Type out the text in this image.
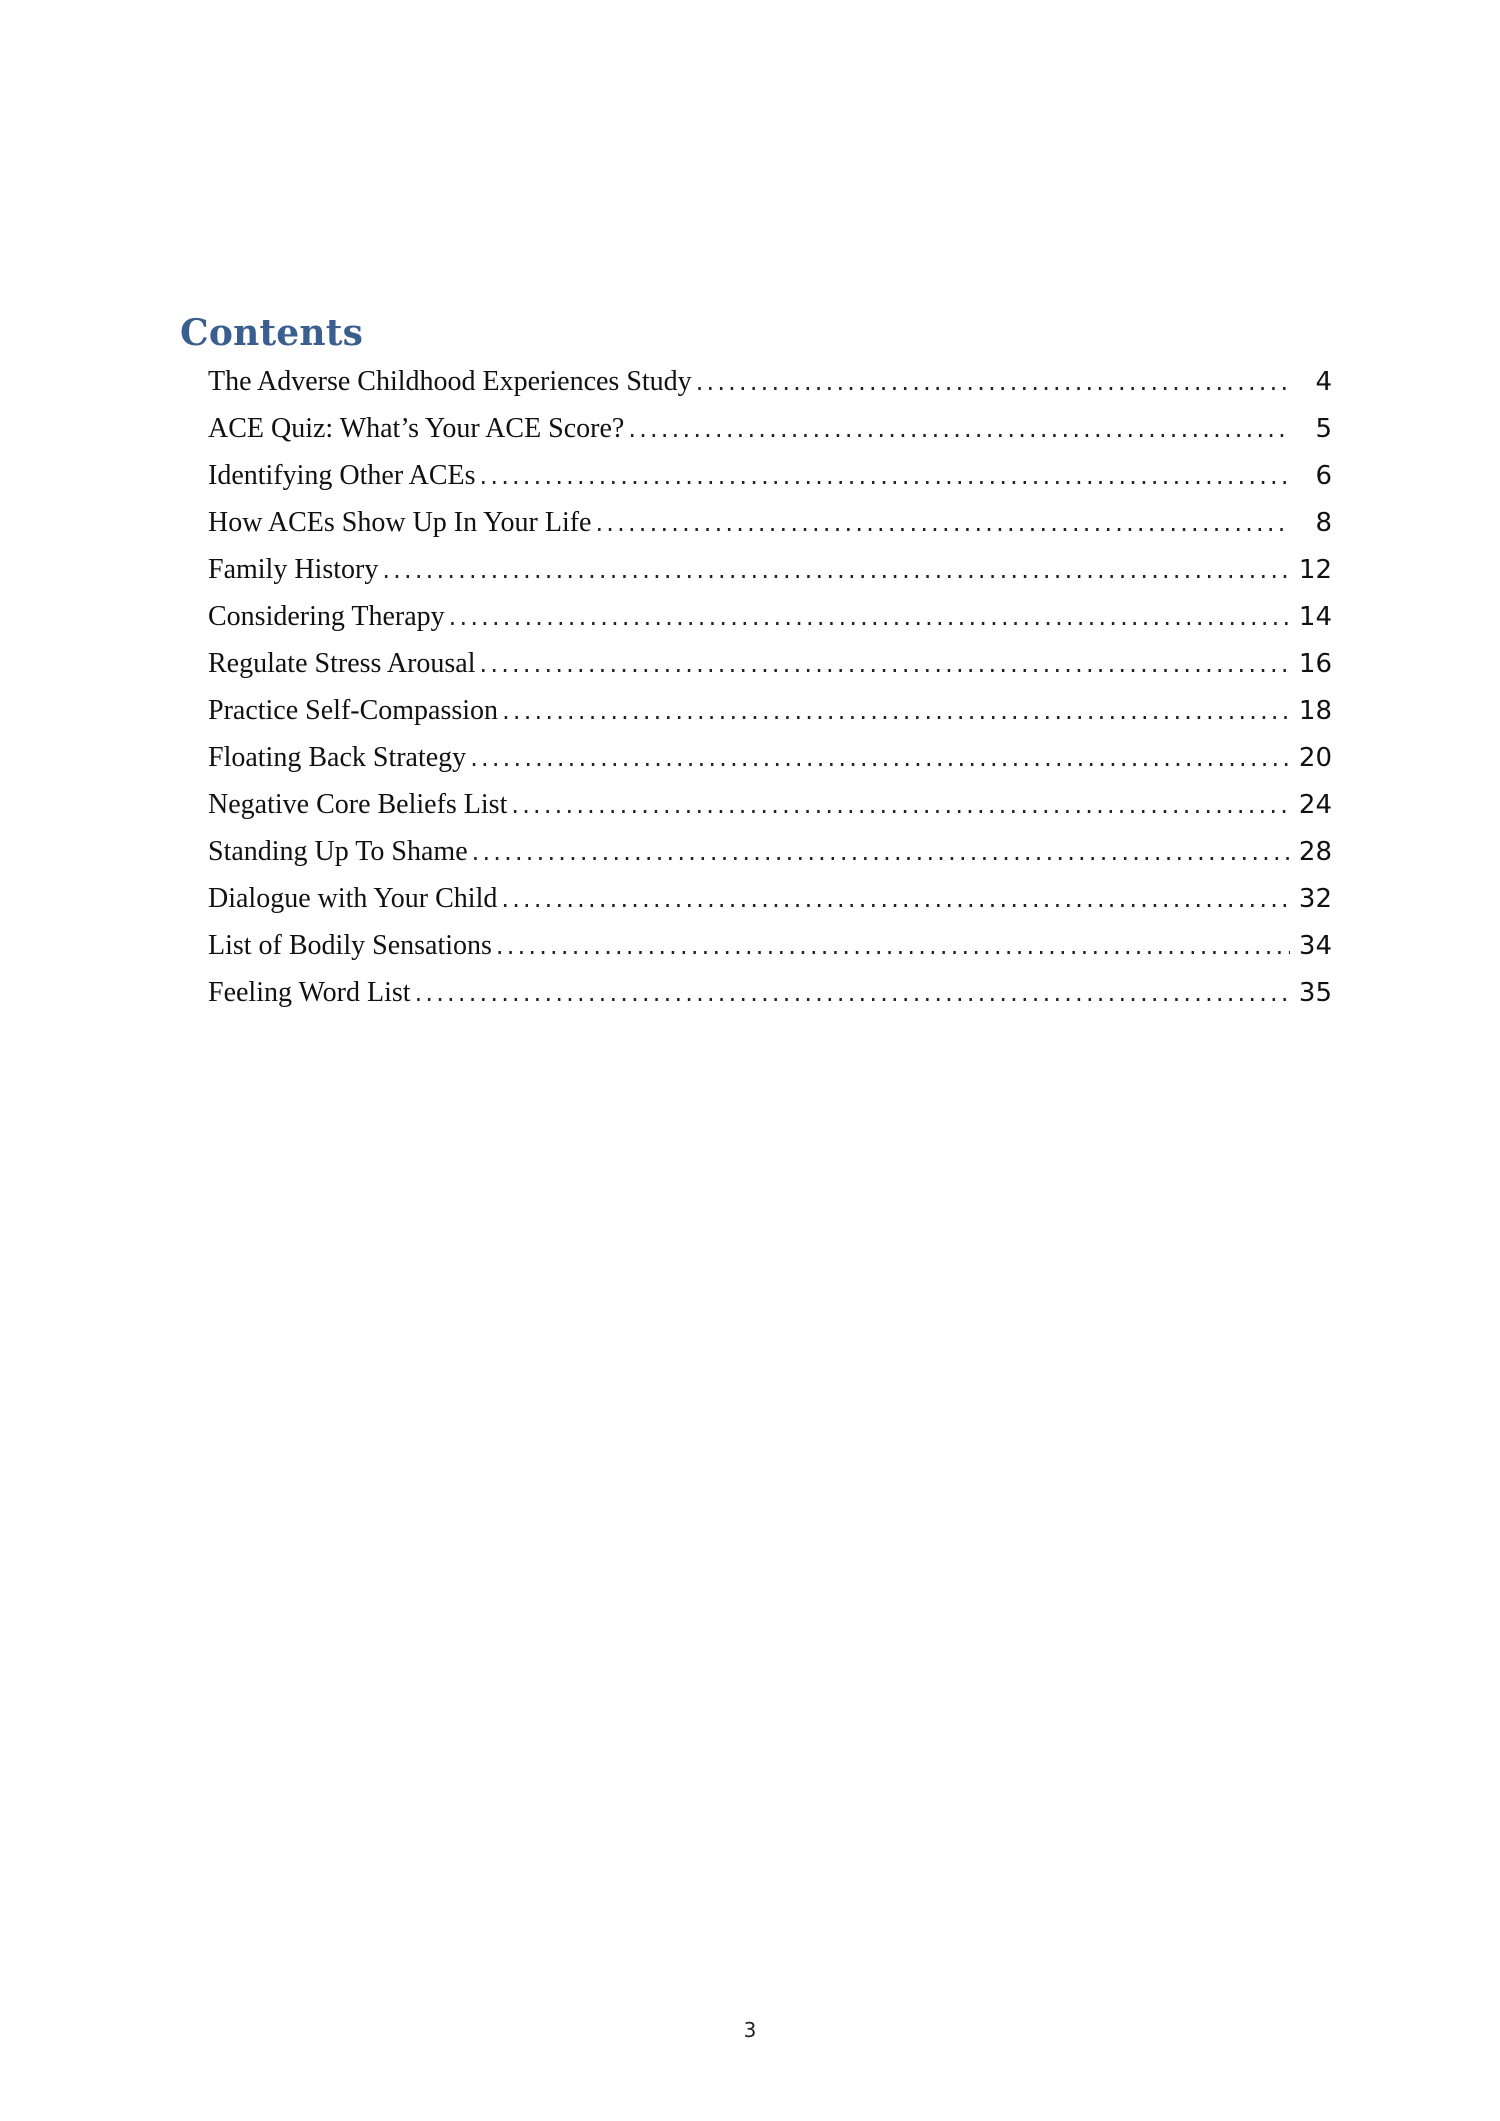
Contents
The Adverse Childhood Experiences Study .....	4
ACE Quiz: What’s Your ACE Score? .....	5
Identifying Other ACEs .....	6
How ACEs Show Up In Your Life .....	8
Family History .....	12
Considering Therapy .....	14
Regulate Stress Arousal .....	16
Practice Self-Compassion .....	18
Floating Back Strategy .....	20
Negative Core Beliefs List .....	24
Standing Up To Shame .....	28
Dialogue with Your Child .....	32
List of Bodily Sensations .....	34
Feeling Word List .....	35
3
